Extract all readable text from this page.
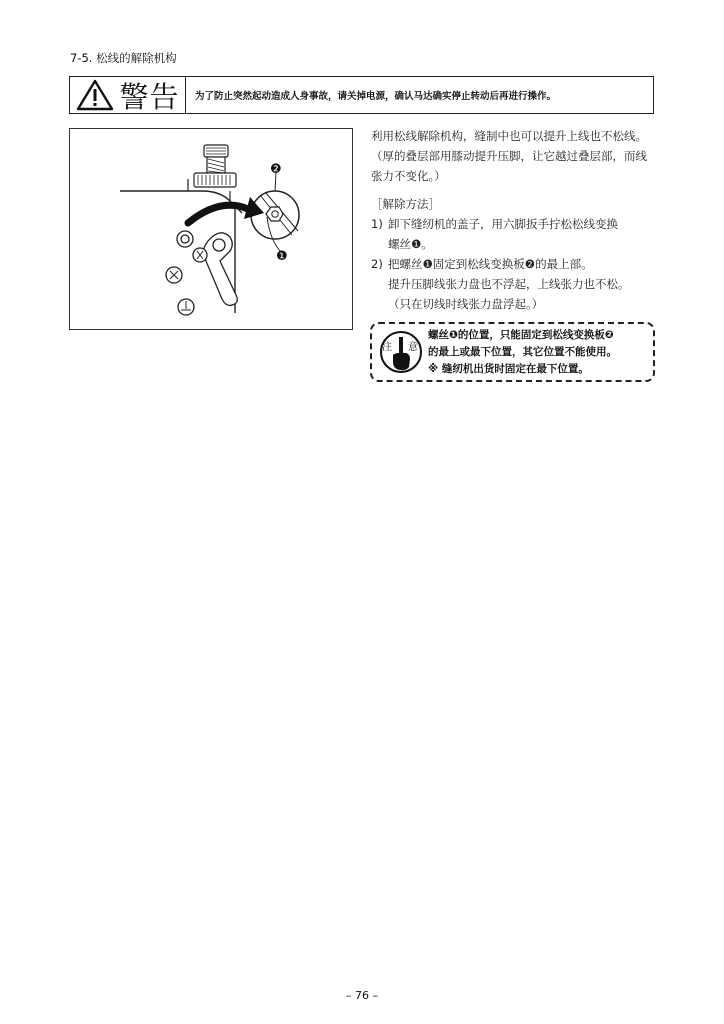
7-5. 松线的解除机构
警告	为了防止突然起动造成人身事故，请关掉电源，确认马达确实停止转动后再进行操作。
❷
❶

利用松线解除机构，缝制中也可以提升上线也不松线。（厚的叠层部用膝动提升压脚，让它越过叠层部，而线张力不变化。）

［解除方法］

1) 卸下缝纫机的盖子，用六脚扳手拧松松线变换
螺丝❶。
2) 把螺丝❶固定到松线变换板❷的最上部。
提升压脚线张力盘也不浮起，上线张力也不松。
（只在切线时线张力盘浮起。）
注 意
螺丝❶的位置，只能固定到松线变换板❷
的最上或最下位置，其它位置不能使用。
※ 缝纫机出货时固定在最下位置。
– 76 –
